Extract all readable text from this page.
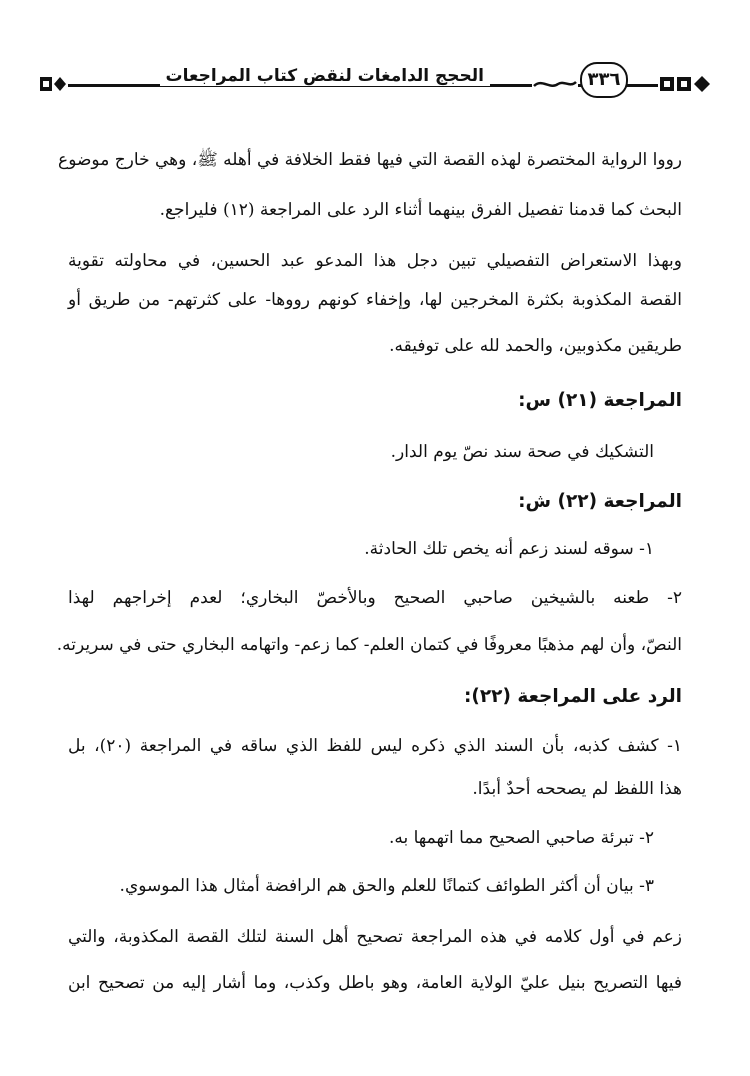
٣٣٦
الحجج الدامغات لنقض كتاب المراجعات
رووا الرواية المختصرة لهذه القصة التي فيها فقط الخلافة في أهله ﷺ، وهي خارج موضوع
البحث كما قدمنا تفصيل الفرق بينهما أثناء الرد على المراجعة (١٢) فليراجع.
وبهذا الاستعراض التفصيلي تبين دجل هذا المدعو عبد الحسين، في محاولته تقوية
القصة المكذوبة بكثرة المخرجين لها، وإخفاء كونهم رووها- على كثرتهم- من طريق أو
طريقين مكذوبين، والحمد لله على توفيقه.
المراجعة (٢١) س:
التشكيك في صحة سند نصّ يوم الدار.
المراجعة (٢٢) ش:
١- سوقه لسند زعم أنه يخص تلك الحادثة.
٢- طعنه بالشيخين صاحبي الصحيح وبالأخصّ البخاري؛ لعدم إخراجهم لهذا
النصّ، وأن لهم مذهبًا معروفًا في كتمان العلم- كما زعم- واتهامه البخاري حتى في سريرته.
الرد على المراجعة (٢٢):
١- كشف كذبه، بأن السند الذي ذكره ليس للفظ الذي ساقه في المراجعة (٢٠)، بل
هذا اللفظ لم يصححه أحدٌ أبدًا.
٢- تبرئة صاحبي الصحيح مما اتهمها به.
٣- بيان أن أكثر الطوائف كتمانًا للعلم والحق هم الرافضة أمثال هذا الموسوي.
زعم في أول كلامه في هذه المراجعة تصحيح أهل السنة لتلك القصة المكذوبة، والتي
فيها التصريح بنيل عليّ الولاية العامة، وهو باطل وكذب، وما أشار إليه من تصحيح ابن
